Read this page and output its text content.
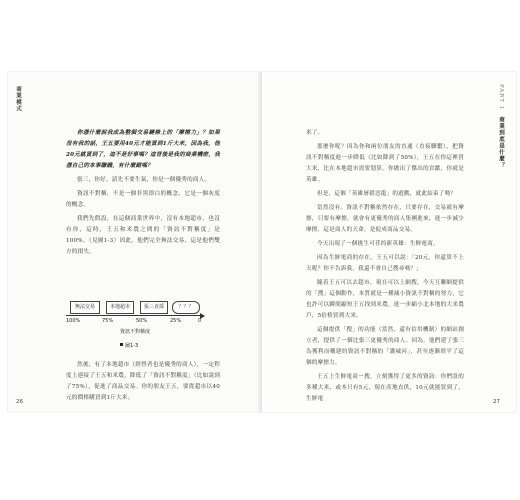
商業模式	PART 1 商業到底是什麼？

你憑什麼說我成為整個交易鏈條上的「摩擦力」？如果沒有我的話，王五要用40元才能買到1斤大米，因為我，他20元就買到了，這不是好事嗎？這背後是我的商業機密，我憑自己的本事賺錢，有什麼錯嗎？

張三，你好，請先不要生氣，你是一個優秀的商人。

資訊不對稱，不是一個非黑即白的概念，它是一個灰度的概念。

我們先假設，在這個商業世界中，沒有本地超市，也沒有你，這時，王五和米農之間的「資訊不對稱度」是100%。（見圖1-3）因此，他們完全無法交易，這是他們雙方的損失。

無法交易	本地超市	張三直採	？？？
100%	75%	50%	25%	0
資訊不對稱度
圖1-3

然後，有了本地超市（經營者也是優秀的商人），一定程度上連接了王五和米農，降低了「資訊不對稱度」（比如說到了75%），促進了商品交易。你的朋友王五，要從超市以40元的價格購買到1斤大米。

26

米了。

那麼你呢？因為你和兩位朋友的直通（直接聯繫），把資訊不對稱度進一步降低（比如降到了50%），王五在你這裡買大米，比在本地超市需要划算，你做出了傑出的貢獻，你就是英雄。

但是，這個「英雄屠殺惡龍」的遊戲，就此結束了嗎？

當然沒有。資訊不對稱依然存在，只要存在，交易就有摩擦，只要有摩擦，就會有更優秀的商人集團進來，進一步減少摩擦，這是商人的天命，是促成商品交易。

今天出現了一個挑生可荏的新英雄：生鮮電商。

因為生鮮電商的存在，王五可以說：「20元，你還算不上天呢？你不告訴我，我還不會自己搜尋嗎？」

隨着王五可以去超市，現在可以上網搜，今天互聯網提供的「搜」這個動作，本質就是一種減小資訊不對稱的努力，它也許可以瞬間縮短王五找到米農，進一步縮小北本地的大米農戶，5倍格買到大米。

這個提供「搜」的功能（當然，還有信用機制）的網站創立者，提供了一個比張三更優秀的商人。因為，他們建了張三為獲利而構建的資訊不對稱的「護城河」，甚至逐漸填平了這個的摩擦力。

王五上生鮮電商一搜，立刻獲得了更多的資訊：你們設的多種大米，或本只有5元，現在產地直供，10元就能買到了，生鮮電	27
